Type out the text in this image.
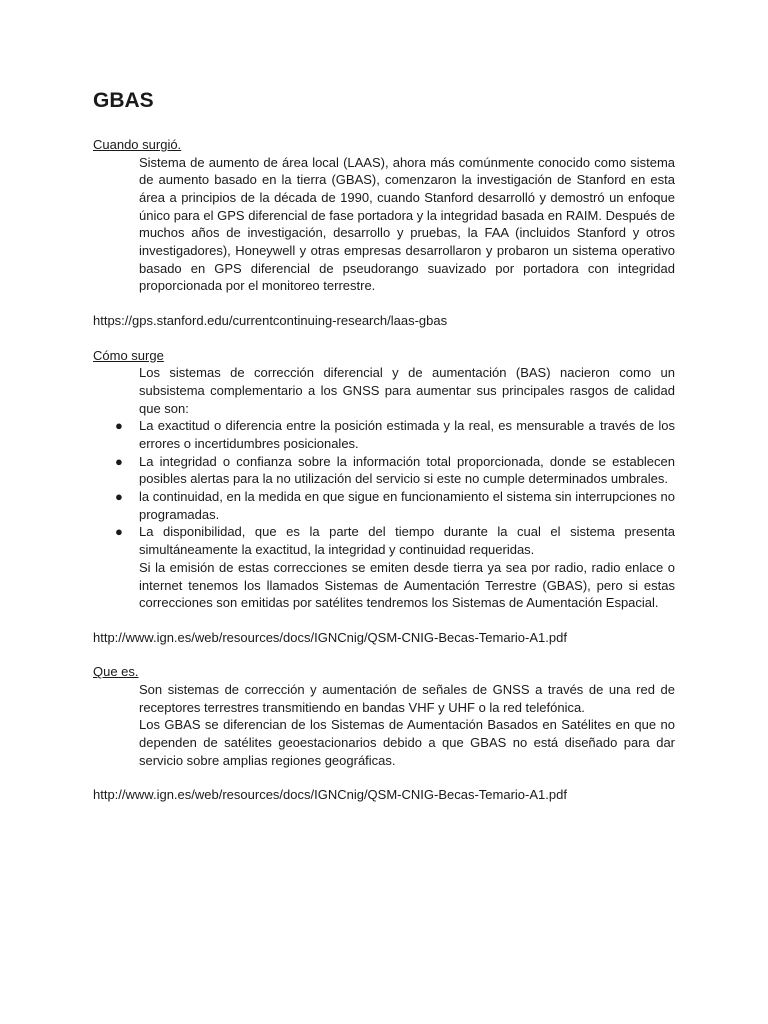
GBAS
Cuando surgió.

Sistema de aumento de área local (LAAS), ahora más comúnmente conocido como sistema de aumento basado en la tierra (GBAS), comenzaron la investigación de Stanford en esta área a principios de la década de 1990, cuando Stanford desarrolló y demostró un enfoque único para el GPS diferencial de fase portadora y la integridad basada en RAIM. Después de muchos años de investigación, desarrollo y pruebas, la FAA (incluidos Stanford y otros investigadores), Honeywell y otras empresas desarrollaron y probaron un sistema operativo basado en GPS diferencial de pseudorango suavizado por portadora con integridad proporcionada por el monitoreo terrestre.

https://gps.stanford.edu/currentcontinuing-research/laas-gbas
Cómo surge

Los sistemas de corrección diferencial y de aumentación (BAS) nacieron como un subsistema complementario a los GNSS para aumentar sus principales rasgos de calidad que son:

● La exactitud o diferencia entre la posición estimada y la real, es mensurable a través de los errores o incertidumbres posicionales.
● La integridad o confianza sobre la información total proporcionada, donde se establecen posibles alertas para la no utilización del servicio si este no cumple determinados umbrales.
● la continuidad, en la medida en que sigue en funcionamiento el sistema sin interrupciones no programadas.
● La disponibilidad, que es la parte del tiempo durante la cual el sistema presenta simultáneamente la exactitud, la integridad y continuidad requeridas.

Si la emisión de estas correcciones se emiten desde tierra ya sea por radio, radio enlace o internet tenemos los llamados Sistemas de Aumentación Terrestre (GBAS), pero si estas correcciones son emitidas por satélites tendremos los Sistemas de Aumentación Espacial.

http://www.ign.es/web/resources/docs/IGNCnig/QSM-CNIG-Becas-Temario-A1.pdf
Que es.

Son sistemas de corrección y aumentación de señales de GNSS a través de una red de receptores terrestres transmitiendo en bandas VHF y UHF o la red telefónica.

Los GBAS se diferencian de los Sistemas de Aumentación Basados en Satélites en que no dependen de satélites geoestacionarios debido a que GBAS no está diseñado para dar servicio sobre amplias regiones geográficas.

http://www.ign.es/web/resources/docs/IGNCnig/QSM-CNIG-Becas-Temario-A1.pdf
